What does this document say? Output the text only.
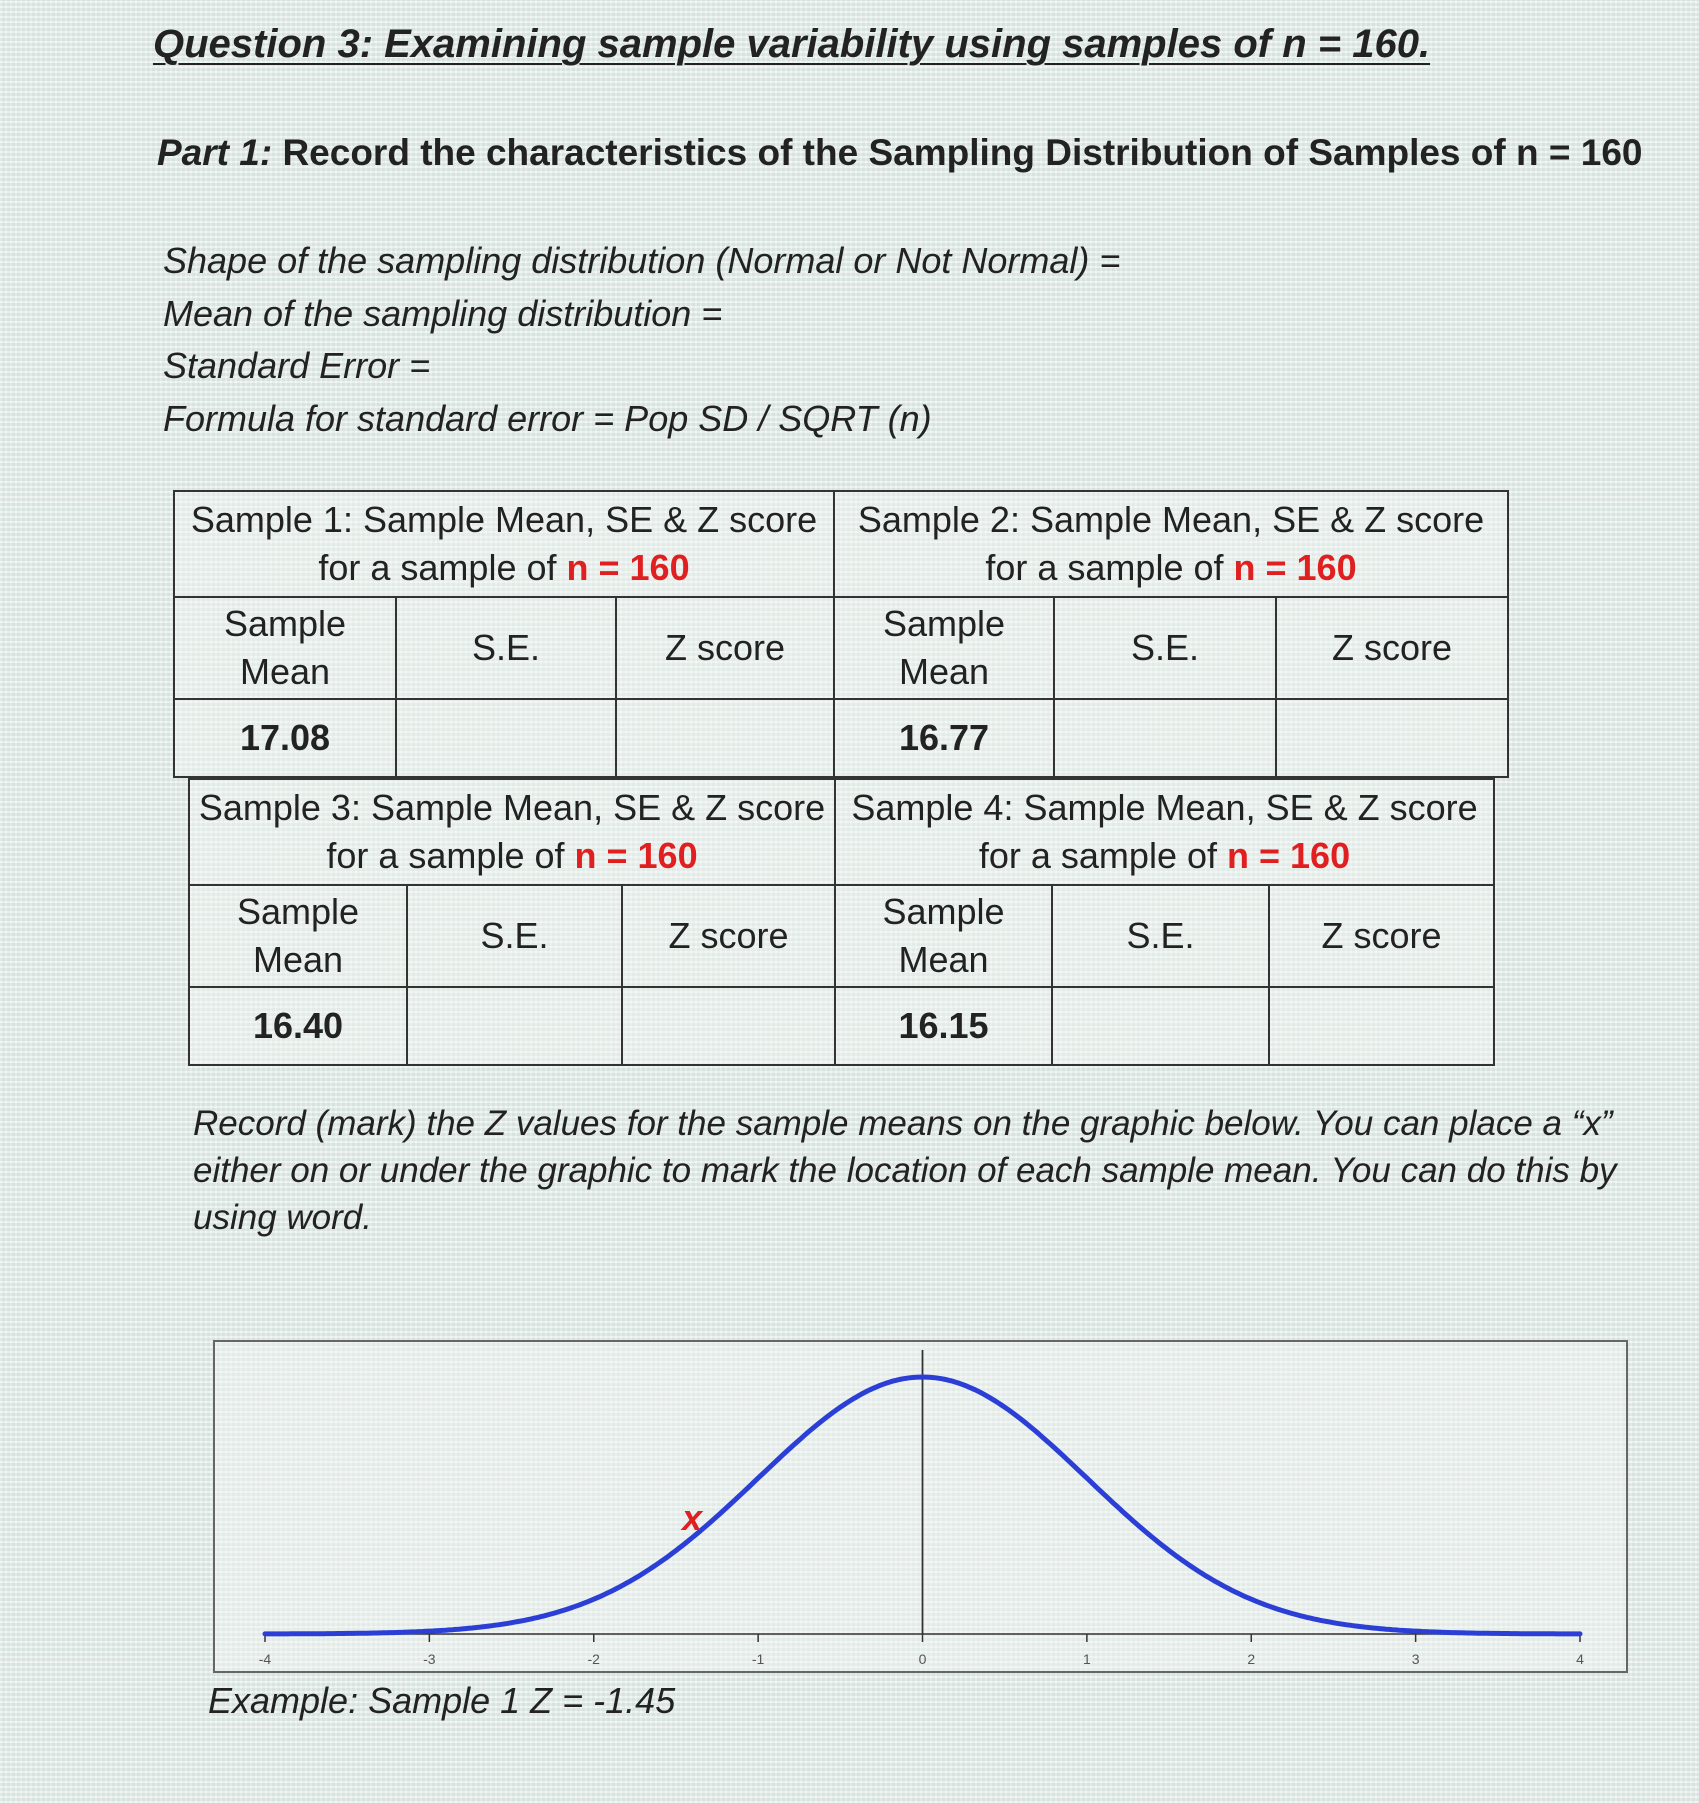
Question 3: Examining sample variability using samples of n = 160.
Part 1: Record the characteristics of the Sampling Distribution of Samples of n = 160
Shape of the sampling distribution (Normal or Not Normal) =
Mean of the sampling distribution =
Standard Error =
Formula for standard error = Pop SD / SQRT (n)
Sample 1: Sample Mean, SE & Z score for a sample of n = 160			Sample 2: Sample Mean, SE & Z score for a sample of n = 160		
Sample Mean	S.E.	Z score	Sample Mean	S.E.	Z score
17.08			16.77		
Sample 3: Sample Mean, SE & Z score for a sample of n = 160			Sample 4: Sample Mean, SE & Z score for a sample of n = 160		
Sample Mean	S.E.	Z score	Sample Mean	S.E.	Z score
16.40			16.15		
Record (mark) the Z values for the sample means on the graphic below. You can place a “x” either on or under the graphic to mark the location of each sample mean. You can do this by using word.
-4	-3	-2	-1	0	1	2	3	4
x
Example: Sample 1 Z = -1.45
